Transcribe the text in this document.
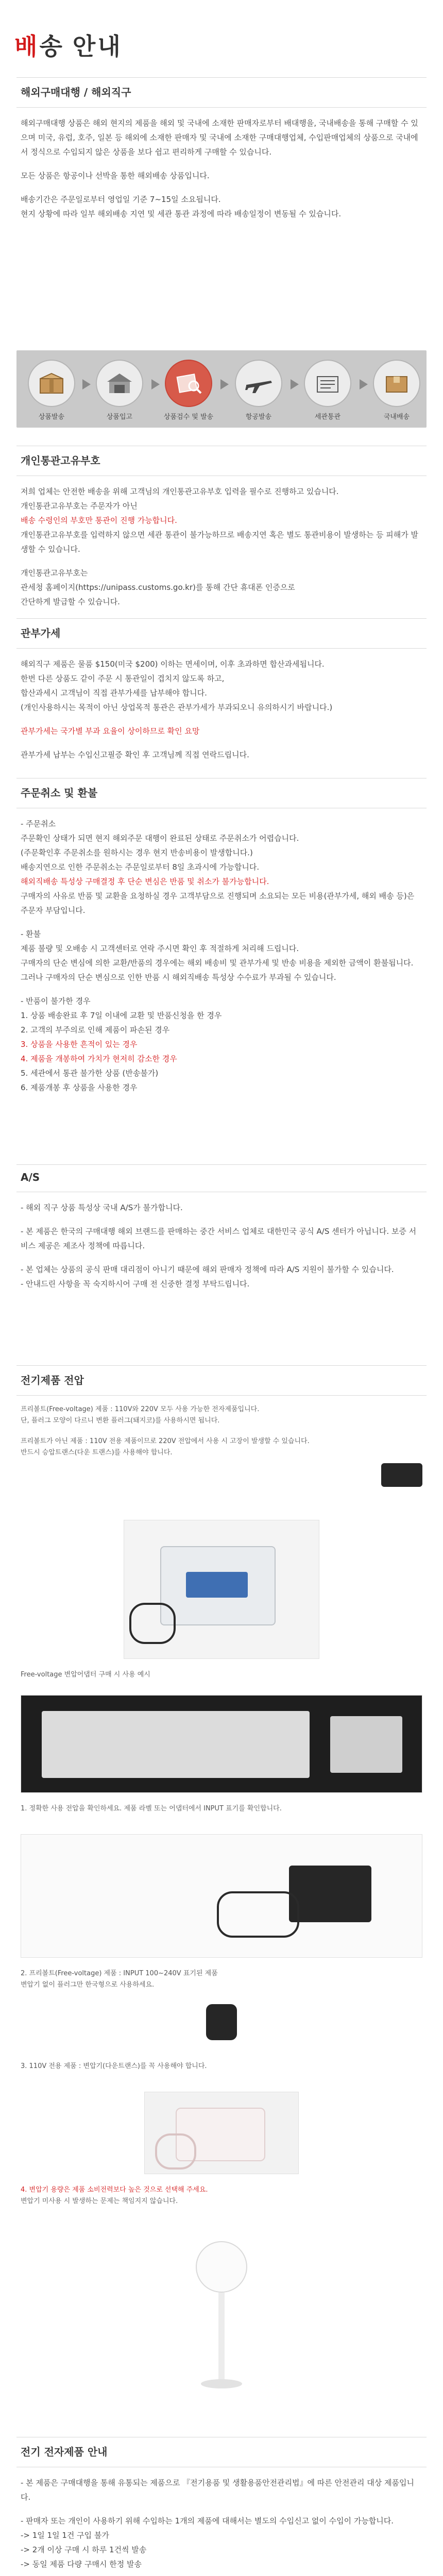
배송 안내
해외구매대행 / 해외직구

해외구매대행 상품은 해외 현지의 제품을 해외 및 국내에 소재한 판매자로부터 배대행을, 국내배송을 통해 구매할 수 있으며 미국, 유럽, 호주, 일본 등 해외에 소재한 판매자 및 국내에 소재한 구매대행업체, 수입판매업체의 상품으로 국내에서 정식으로 수입되지 않은 상품을 보다 쉽고 편리하게 구매할 수 있습니다.

모든 상품은 항공이나 선박을 통한 해외배송 상품입니다.

배송기간은 주문일로부터 영업일 기준 7~15일 소요됩니다.

현지 상황에 따라 일부 해외배송 지연 및 세관 통관 과정에 따라 배송일정이 변동될 수 있습니다.

상품발송	상품입고	상품검수 및 발송	항공발송	세관통관	국내배송
개인통관고유부호

저희 업체는 안전한 배송을 위해 고객님의 개인통관고유부호 입력을 필수로 진행하고 있습니다.

개인통관고유부호는 주문자가 아닌

배송 수령인의 부호만 통관이 진행 가능합니다.

개인통관고유부호를 입력하지 않으면 세관 통관이 불가능하므로 배송지연 혹은 별도 통관비용이 발생하는 등 피해가 발생할 수 있습니다.

개인통관고유부호는

관세청 홈페이지(https://unipass.customs.go.kr)를 통해 간단 휴대폰 인증으로

간단하게 발급할 수 있습니다.

관부가세

해외직구 제품은 물품 $150(미국 $200) 이하는 면세이며, 이후 초과하면 합산과세됩니다.

한번 다른 상품도 같이 주문 시 통관일이 겹치지 않도록 하고,

합산과세시 고객님이 직접 관부가세를 납부해야 합니다.

(개인사용하시는 목적이 아닌 상업목적 통관은 관부가세가 부과되오니 유의하시기 바랍니다.)

관부가세는 국가별 부과 요율이 상이하므로 확인 요망

관부가세 납부는 수입신고필증 확인 후 고객님께 직접 연락드립니다.

주문취소 및 환불

- 주문취소

주문확인 상태가 되면 현지 해외주문 대행이 완료된 상태로 주문취소가 어렵습니다.

(주문확인후 주문취소를 원하시는 경우 현지 반송비용이 발생합니다.)

배송지연으로 인한 주문취소는 주문일로부터 8일 초과시에 가능합니다.

해외직배송 특성상 구매결정 후 단순 변심은 반품 및 취소가 불가능합니다.

구매자의 사유로 반품 및 교환을 요청하실 경우 고객부담으로 진행되며 소요되는 모든 비용(관부가세, 해외 배송 등)은 주문자 부담입니다.

- 환불

제품 불량 및 오배송 시 고객센터로 연락 주시면 확인 후 적절하게 처리해 드립니다.

구매자의 단순 변심에 의한 교환/반품의 경우에는 해외 배송비 및 관부가세 및 반송 비용을 제외한 금액이 환불됩니다.

그러나 구매자의 단순 변심으로 인한 반품 시 해외직배송 특성상 수수료가 부과될 수 있습니다.

- 반품이 불가한 경우

1. 상품 배송완료 후 7일 이내에 교환 및 반품신청을 한 경우

2. 고객의 부주의로 인해 제품이 파손된 경우

3. 상품을 사용한 흔적이 있는 경우

4. 제품을 개봉하여 가치가 현저히 감소한 경우

5. 세관에서 통관 불가한 상품 (반송불가)

6. 제품개봉 후 상품을 사용한 경우

A/S

- 해외 직구 상품 특성상 국내 A/S가 불가합니다.

- 본 제품은 한국의 구매대행 해외 브랜드를 판매하는 중간 서비스 업체로 대한민국 공식 A/S 센터가 아닙니다. 보증 서비스 제공은 제조사 정책에 따릅니다.

- 본 업체는 상품의 공식 판매 대리점이 아니기 때문에 해외 판매자 정책에 따라 A/S 지원이 불가할 수 있습니다.

- 안내드린 사항을 꼭 숙지하시어 구매 전 신중한 결정 부탁드립니다.

전기제품 전압

프리볼트(Free-voltage) 제품 : 110V와 220V 모두 사용 가능한 전자제품입니다.

단, 플러그 모양이 다르니 변환 플러그(돼지코)를 사용하시면 됩니다.

프리볼트가 아닌 제품 : 110V 전용 제품이므로 220V 전압에서 사용 시 고장이 발생할 수 있습니다.

반드시 승압트랜스(다운 트랜스)를 사용해야 합니다.

Free-voltage 변압어댑터 구매 시 사용 예시

1. 정확한 사용 전압을 확인하세요. 제품 라벨 또는 어댑터에서 INPUT 표기를 확인합니다.

2. 프리볼트(Free-voltage) 제품 : INPUT 100~240V 표기된 제품

변압기 없이 플러그만 한국형으로 사용하세요.

3. 110V 전용 제품 : 변압기(다운트랜스)를 꼭 사용해야 합니다.

4. 변압기 용량은 제품 소비전력보다 높은 것으로 선택해 주세요.

변압기 미사용 시 발생하는 문제는 책임지지 않습니다.

전기 전자제품 안내

- 본 제품은 구매대행을 통해 유통되는 제품으로 『전기용품 및 생활용품안전관리법』에 따른 안전관리 대상 제품입니다.

- 판매자 또는 개인이 사용하기 위해 수입하는 1개의 제품에 대해서는 별도의 수입신고 없이 수입이 가능합니다.

-> 1일 1일 1건 구입 불가

-> 2개 이상 구매 시 하루 1건씩 발송

-> 동일 제품 다량 구매시 한정 발송
